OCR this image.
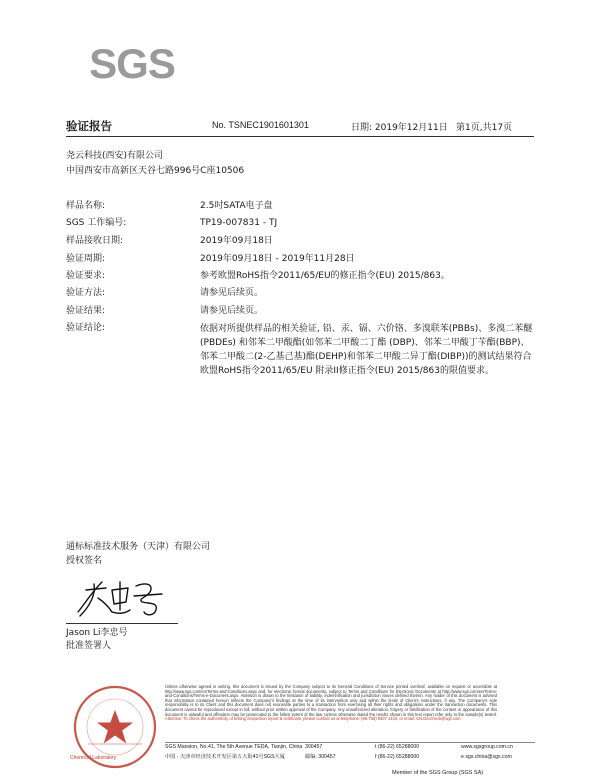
SGS
验证报告	No. TSNEC1901601301	日期: 2019年12月11日 第1页,共17页
尧云科技(西安)有限公司
中国西安市高新区天谷七路996号C座10506
样品名称:	2.5吋SATA电子盘
SGS 工作编号:	TP19-007831 - TJ
样品接收日期:	2019年09月18日
验证周期:	2019年09月18日 - 2019年11月28日
验证要求:	参考欧盟RoHS指令2011/65/EU的修正指令(EU) 2015/863。
验证方法:	请参见后续页。
验证结果:	请参见后续页。
验证结论:	依据对所提供样品的相关验证, 铅、汞、镉、六价铬、多溴联苯(PBBs)、多溴二苯醚(PBDEs) 和邻苯二甲酸酯(如邻苯二甲酸二丁酯 (DBP)、邻苯二甲酸丁苄酯(BBP)、邻苯二甲酸二(2-乙基己基)酯(DEHP)和邻苯二甲酸二异丁酯(DIBP))的测试结果符合欧盟RoHS指令2011/65/EU 附录II修正指令(EU) 2015/863的限值要求。
通标标准技术服务（天津）有限公司
授权签名
Jason Li李忠号
批准签署人
Chemical Laboratory
Unless otherwise agreed in writing, this document is issued by the Company subject to its General Conditions of Service printed overleaf, available on request or accessible at http://www.sgs.com/en/Terms-and-Conditions.aspx and, for electronic format documents, subject to Terms and Conditions for Electronic Documents at http://www.sgs.com/en/Terms-and-Conditions/Terms-e-Document.aspx. Attention is drawn to the limitation of liability, indemnification and jurisdiction issues defined therein. Any holder of this document is advised that information contained hereon reflects the Company's findings at the time of its intervention only and within the limits of Client's instructions, if any. The Company's sole responsibility is to its Client and this document does not exonerate parties to a transaction from exercising all their rights and obligations under the transaction documents. This document cannot be reproduced except in full, without prior written approval of the Company. Any unauthorized alteration, forgery or falsification of the content or appearance of this document is unlawful and offenders may be prosecuted to the fullest extent of the law. Unless otherwise stated the results shown in this test report refer only to the sample(s) tested. Attention: To check the authenticity of testing /inspection report & certificate, please contact us at telephone: (86-755) 8307 1443, or email: CN.Doccheck@sgs.com
SGS Mansion, No.41, The 5th Avenue TEDA, Tianjin, China 300457	t (86-22) 65288000	www.sgsgroup.com.cn
中国 · 天津市经济技术开发区第五大街41号SGS大厦	邮编: 300457	f (86-22) 65288000	e sgs.china@sgs.com
Member of the SGS Group (SGS SA)
